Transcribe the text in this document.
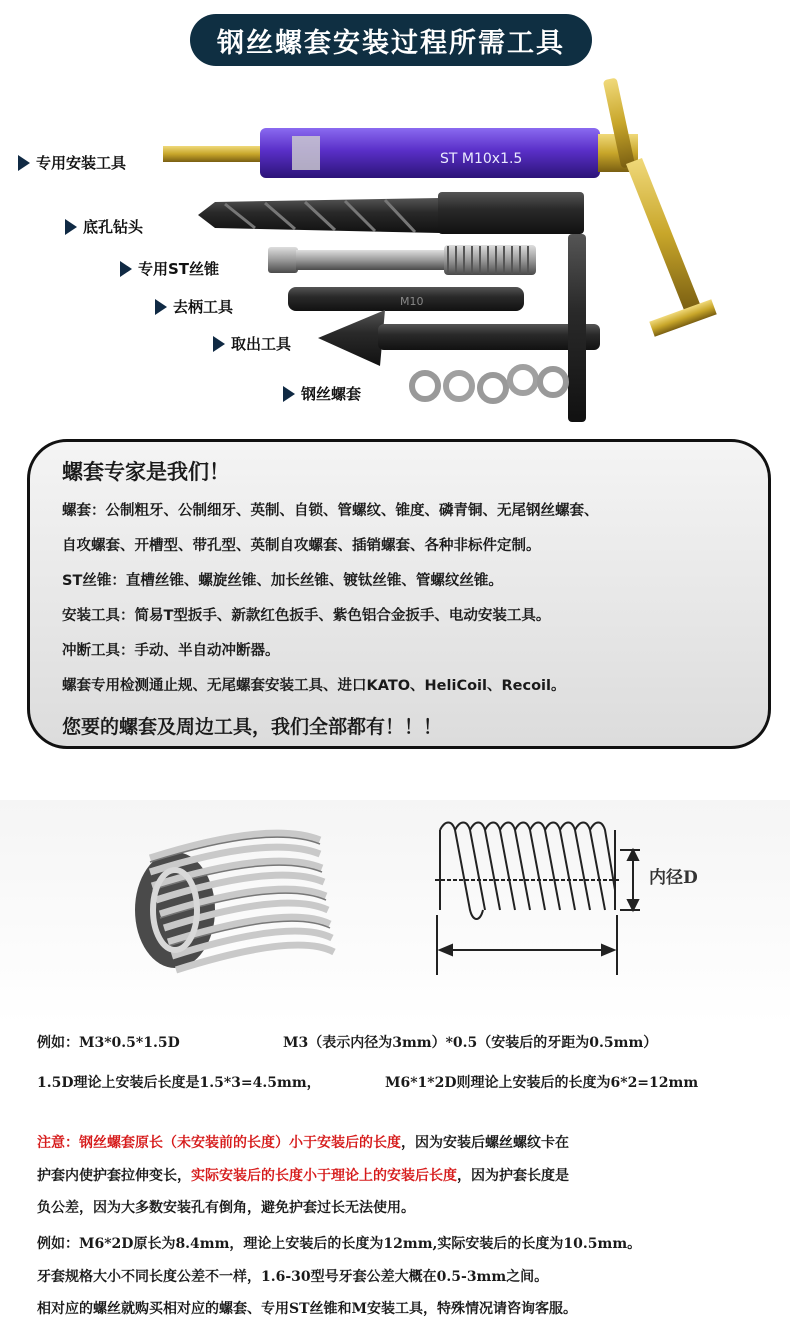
钢丝螺套安装过程所需工具
ST M10x1.5
M10
专用安装工具
底孔钻头
专用ST丝锥
去柄工具
取出工具
钢丝螺套
螺套专家是我们！
螺套：公制粗牙、公制细牙、英制、自锁、管螺纹、锥度、磷青铜、无尾钢丝螺套、
自攻螺套、开槽型、带孔型、英制自攻螺套、插销螺套、各种非标件定制。
ST丝锥：直槽丝锥、螺旋丝锥、加长丝锥、镀钛丝锥、管螺纹丝锥。
安装工具：简易T型扳手、新款红色扳手、紫色铝合金扳手、电动安装工具。
冲断工具：手动、半自动冲断器。
螺套专用检测通止规、无尾螺套安装工具、进口KATO、HeliCoil、Recoil。
您要的螺套及周边工具，我们全部都有！！！
内径D
例如：M3*0.5*1.5D	M3（表示内径为3mm）*0.5（安装后的牙距为0.5mm）
1.5D理论上安装后长度是1.5*3=4.5mm，	M6*1*2D则理论上安装后的长度为6*2=12mm
注意：钢丝螺套原长（未安装前的长度）小于安装后的长度，因为安装后螺丝螺纹卡在
护套内使护套拉伸变长，实际安装后的长度小于理论上的安装后长度，因为护套长度是
负公差，因为大多数安装孔有倒角，避免护套过长无法使用。
例如：M6*2D原长为8.4mm，理论上安装后的长度为12mm,实际安装后的长度为10.5mm。
牙套规格大小不同长度公差不一样，1.6-30型号牙套公差大概在0.5-3mm之间。
相对应的螺丝就购买相对应的螺套、专用ST丝锥和M安装工具，特殊情况请咨询客服。
